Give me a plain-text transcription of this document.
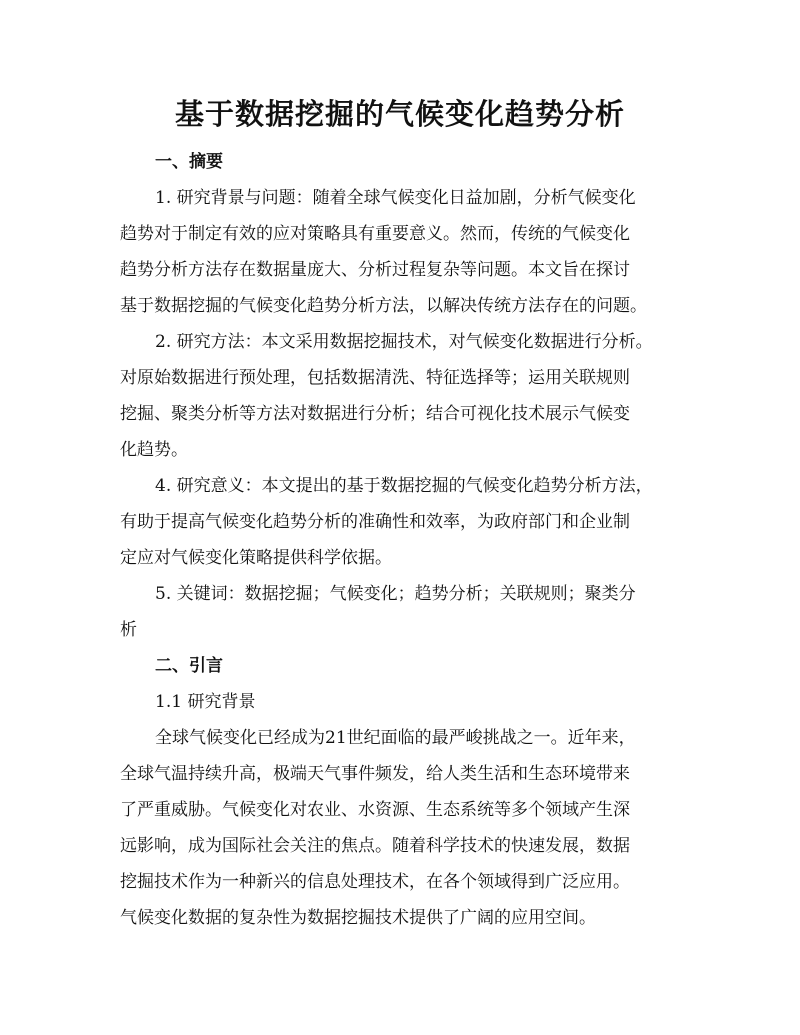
基于数据挖掘的气候变化趋势分析
一、摘要
1. 研究背景与问题：随着全球气候变化日益加剧，分析气候变化
趋势对于制定有效的应对策略具有重要意义。然而，传统的气候变化
趋势分析方法存在数据量庞大、分析过程复杂等问题。本文旨在探讨
基于数据挖掘的气候变化趋势分析方法，以解决传统方法存在的问题。
2. 研究方法：本文采用数据挖掘技术，对气候变化数据进行分析。
对原始数据进行预处理，包括数据清洗、特征选择等；运用关联规则
挖掘、聚类分析等方法对数据进行分析；结合可视化技术展示气候变
化趋势。
4. 研究意义：本文提出的基于数据挖掘的气候变化趋势分析方法，
有助于提高气候变化趋势分析的准确性和效率，为政府部门和企业制
定应对气候变化策略提供科学依据。
5. 关键词：数据挖掘；气候变化；趋势分析；关联规则；聚类分
析
二、引言
1.1 研究背景
全球气候变化已经成为21世纪面临的最严峻挑战之一。近年来，
全球气温持续升高，极端天气事件频发，给人类生活和生态环境带来
了严重威胁。气候变化对农业、水资源、生态系统等多个领域产生深
远影响，成为国际社会关注的焦点。随着科学技术的快速发展，数据
挖掘技术作为一种新兴的信息处理技术，在各个领域得到广泛应用。
气候变化数据的复杂性为数据挖掘技术提供了广阔的应用空间。
